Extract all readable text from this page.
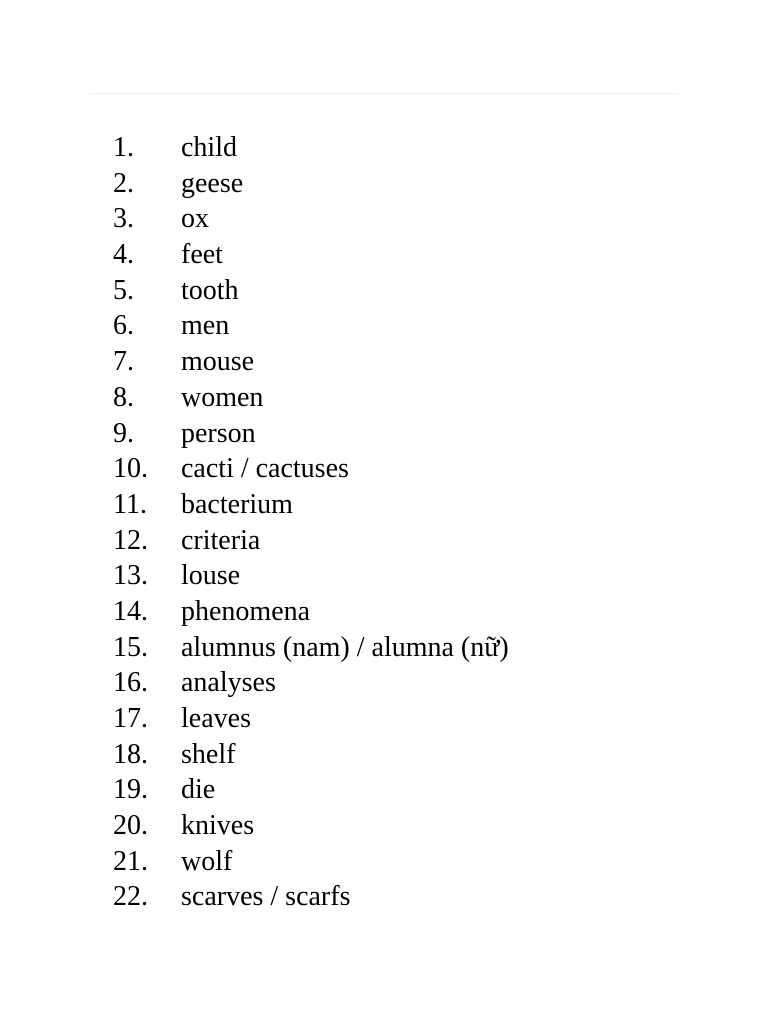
1.	child
2.	geese
3.	ox
4.	feet
5.	tooth
6.	men
7.	mouse
8.	women
9.	person
10.	cacti / cactuses
11.	bacterium
12.	criteria
13.	louse
14.	phenomena
15.	alumnus (nam) / alumna (nữ)
16.	analyses
17.	leaves
18.	shelf
19.	die
20.	knives
21.	wolf
22.	scarves / scarfs
